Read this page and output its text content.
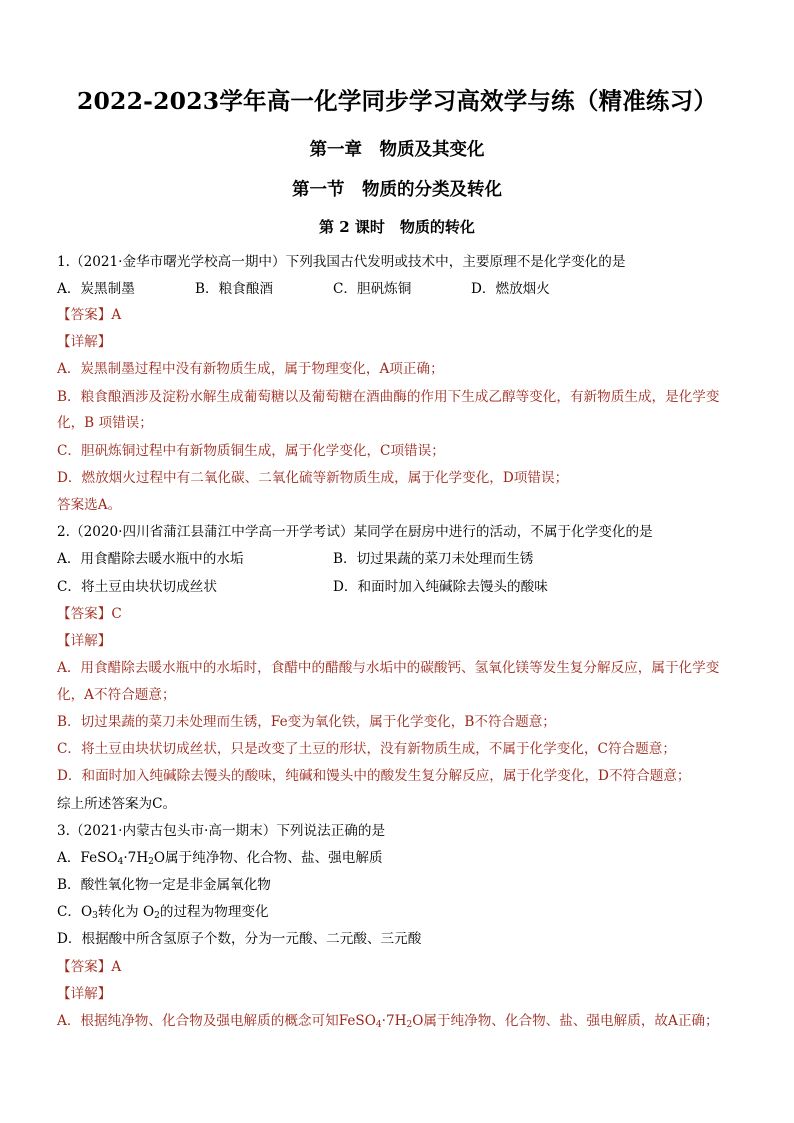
2022-2023学年高一化学同步学习高效学与练（精准练习）
第一章　物质及其变化
第一节　物质的分类及转化
第 2 课时　物质的转化
1.（2021·金华市曙光学校高一期中）下列我国古代发明或技术中，主要原理不是化学变化的是
A．炭黑制墨	B．粮食酿酒	C．胆矾炼铜	D．燃放烟火
【答案】A
【详解】
A．炭黑制墨过程中没有新物质生成，属于物理变化，A项正确；
B．粮食酿酒涉及淀粉水解生成葡萄糖以及葡萄糖在酒曲酶的作用下生成乙醇等变化，有新物质生成，是化学变
化，B 项错误；
C．胆矾炼铜过程中有新物质铜生成，属于化学变化，C项错误；
D．燃放烟火过程中有二氧化碳、二氧化硫等新物质生成，属于化学变化，D项错误；
答案选A。
2.（2020·四川省蒲江县蒲江中学高一开学考试）某同学在厨房中进行的活动，不属于化学变化的是
A．用食醋除去暖水瓶中的水垢	B．切过果蔬的菜刀未处理而生锈
C．将土豆由块状切成丝状	D．和面时加入纯碱除去馒头的酸味
【答案】C
【详解】
A．用食醋除去暖水瓶中的水垢时，食醋中的醋酸与水垢中的碳酸钙、氢氧化镁等发生复分解反应，属于化学变
化，A不符合题意；
B．切过果蔬的菜刀未处理而生锈，Fe变为氧化铁，属于化学变化，B不符合题意；
C．将土豆由块状切成丝状，只是改变了土豆的形状，没有新物质生成，不属于化学变化，C符合题意；
D．和面时加入纯碱除去馒头的酸味，纯碱和馒头中的酸发生复分解反应，属于化学变化，D不符合题意；
综上所述答案为C。
3.（2021·内蒙古包头市·高一期末）下列说法正确的是
A．$FeSO_4\cdot 7H_2O$属于纯净物、化合物、盐、强电解质
B．酸性氧化物一定是非金属氧化物
C．$O_3$转化为 $O_2$的过程为物理变化
D．根据酸中所含氢原子个数，分为一元酸、二元酸、三元酸
【答案】A
【详解】
A．根据纯净物、化合物及强电解质的概念可知$FeSO_4\cdot 7H_2O$属于纯净物、化合物、盐、强电解质，故A正确；
